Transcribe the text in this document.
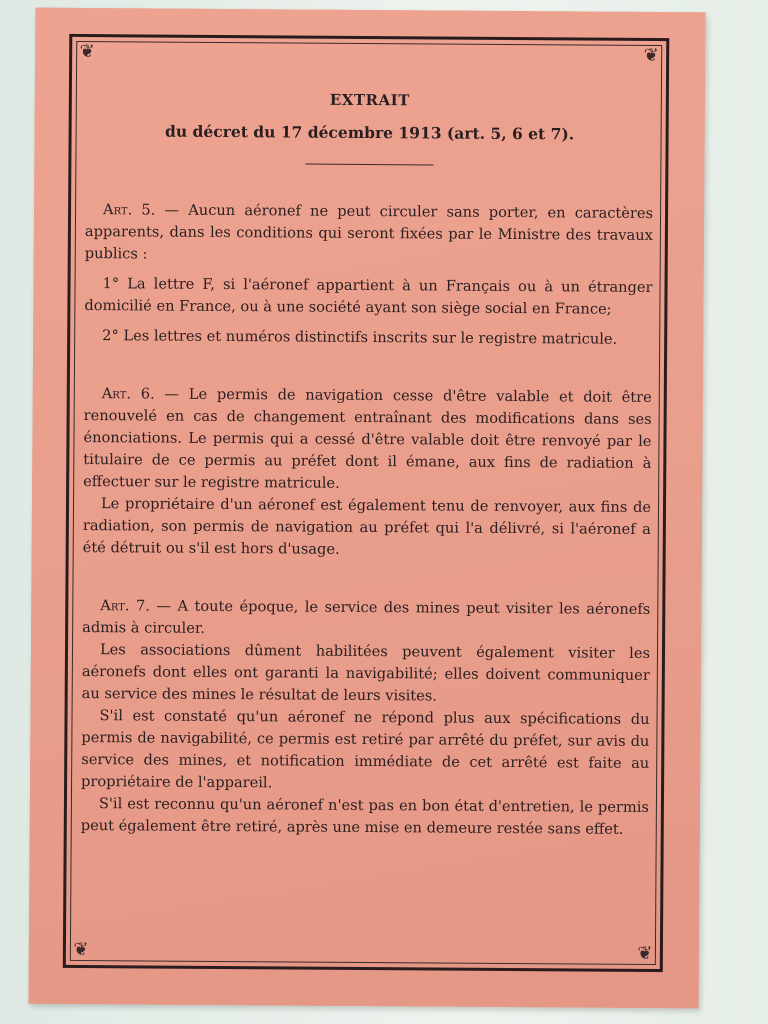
❦	❦
❦	❦

EXTRAIT

du décret du 17 décembre 1913 (art. 5, 6 et 7).

Art. 5. — Aucun aéronef ne peut circuler sans porter, en caractères apparents, dans les conditions qui seront fixées par le Ministre des travaux publics :

1° La lettre F, si l'aéronef appartient à un Français ou à un étranger domicilié en France, ou à une société ayant son siège social en France;

2° Les lettres et numéros distinctifs inscrits sur le registre matricule.

Art. 6. — Le permis de navigation cesse d'être valable et doit être renouvelé en cas de changement entraînant des modifications dans ses énonciations. Le permis qui a cessé d'être valable doit être renvoyé par le titulaire de ce permis au préfet dont il émane, aux fins de radiation à effectuer sur le registre matricule.

Le propriétaire d'un aéronef est également tenu de renvoyer, aux fins de radiation, son permis de navigation au préfet qui l'a délivré, si l'aéronef a été détruit ou s'il est hors d'usage.

Art. 7. — A toute époque, le service des mines peut visiter les aéronefs admis à circuler.

Les associations dûment habilitées peuvent également visiter les aéronefs dont elles ont garanti la navigabilité; elles doivent communiquer au service des mines le résultat de leurs visites.

S'il est constaté qu'un aéronef ne répond plus aux spécifications du permis de navigabilité, ce permis est retiré par arrêté du préfet, sur avis du service des mines, et notification immédiate de cet arrêté est faite au propriétaire de l'appareil.

S'il est reconnu qu'un aéronef n'est pas en bon état d'entretien, le permis peut également être retiré, après une mise en demeure restée sans effet.
